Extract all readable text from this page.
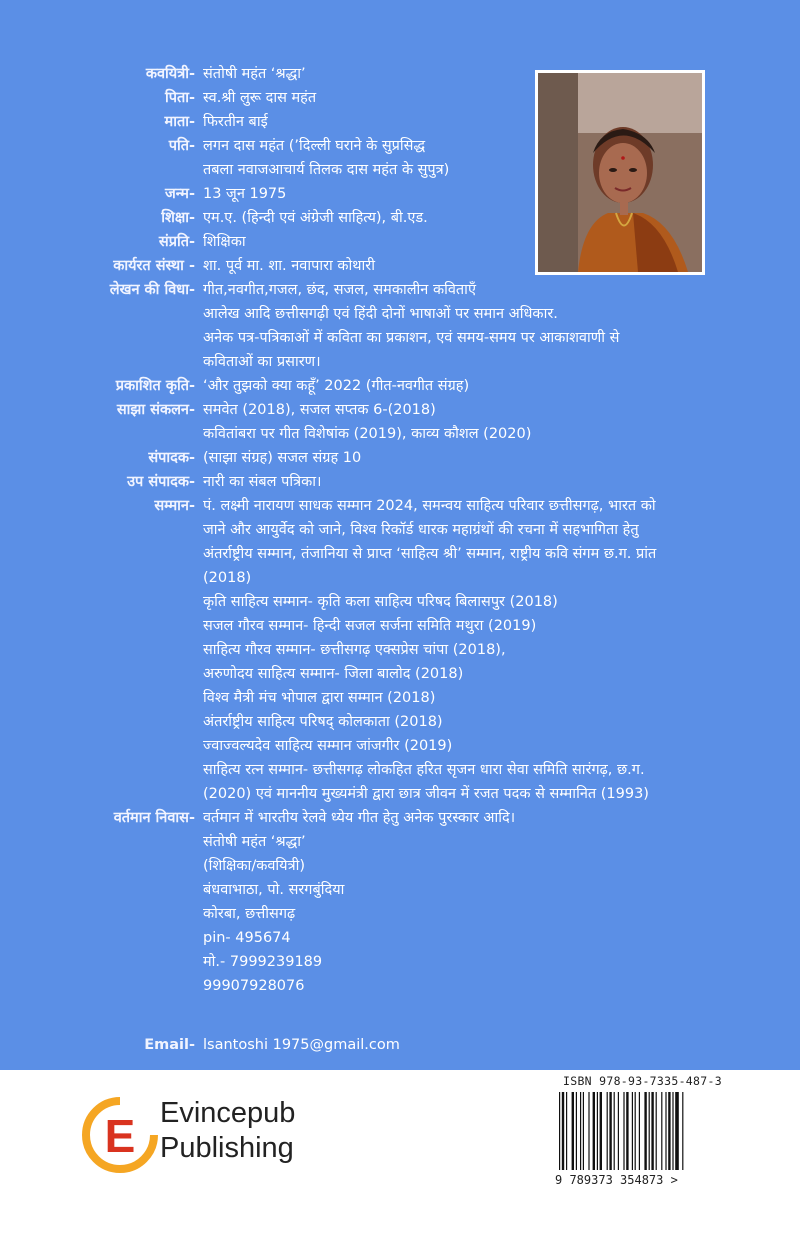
कवयित्री- संतोषी महंत ‘श्रद्धा’
पिता- स्व.श्री लुरू दास महंत
माता- फिरतीन बाई
पति- लगन दास महंत (’दिल्ली घराने के सुप्रसिद्ध
तबला नवाजआचार्य तिलक दास महंत के सुपुत्र)
जन्म- 13 जून 1975
शिक्षा- एम.ए. (हिन्दी एवं अंग्रेजी साहित्य), बी.एड.
संप्रति- शिक्षिका
कार्यरत संस्था - शा. पूर्व मा. शा. नवापारा कोथारी
लेखन की विधा- गीत,नवगीत,गजल, छंद, सजल, समकालीन कविताएँ
आलेख आदि छत्तीसगढ़ी एवं हिंदी दोनों भाषाओं पर समान अधिकार.
अनेक पत्र-पत्रिकाओं में कविता का प्रकाशन, एवं समय-समय पर आकाशवाणी से
कविताओं का प्रसारण।
प्रकाशित कृति- ‘और तुझको क्या कहूँ’ 2022 (गीत-नवगीत संग्रह)
साझा संकलन- समवेत (2018), सजल सप्तक 6-(2018)
कवितांबरा पर गीत विशेषांक (2019), काव्य कौशल (2020)
संपादक- (साझा संग्रह) सजल संग्रह 10
उप संपादक- नारी का संबल पत्रिका।
सम्मान- पं. लक्ष्मी नारायण साधक सम्मान 2024, समन्वय साहित्य परिवार छत्तीसगढ़, भारत को
जाने और आयुर्वेद को जाने, विश्व रिकॉर्ड धारक महाग्रंथों की रचना में सहभागिता हेतु
अंतर्राष्ट्रीय सम्मान, तंजानिया से प्राप्त ‘साहित्य श्री’ सम्मान, राष्ट्रीय कवि संगम छ.ग. प्रांत
(2018)
कृति साहित्य सम्मान- कृति कला साहित्य परिषद बिलासपुर (2018)
सजल गौरव सम्मान- हिन्दी सजल सर्जना समिति मथुरा (2019)
साहित्य गौरव सम्मान- छत्तीसगढ़ एक्सप्रेस चांपा (2018),
अरुणोदय साहित्य सम्मान- जिला बालोद (2018)
विश्व मैत्री मंच भोपाल द्वारा सम्मान (2018)
अंतर्राष्ट्रीय साहित्य परिषद् कोलकाता (2018)
ज्वाज्वल्यदेव साहित्य सम्मान जांजगीर (2019)
साहित्य रत्न सम्मान- छत्तीसगढ़ लोकहित हरित सृजन धारा सेवा समिति सारंगढ़, छ.ग.
(2020) एवं माननीय मुख्यमंत्री द्वारा छात्र जीवन में रजत पदक से सम्मानित (1993)
वर्तमान निवास- वर्तमान में भारतीय रेलवे ध्येय गीत हेतु अनेक पुरस्कार आदि।
संतोषी महंत ‘श्रद्धा’
(शिक्षिका/कवयित्री)
बंधवाभाठा, पो. सरगबुंदिया
कोरबा, छत्तीसगढ़
pin- 495674
मो.- 7999239189
99907928076
Email- lsantoshi 1975@gmail.com
E Evincepub
Publishing
ISBN 978-93-7335-487-3
9 789373 354873 >
